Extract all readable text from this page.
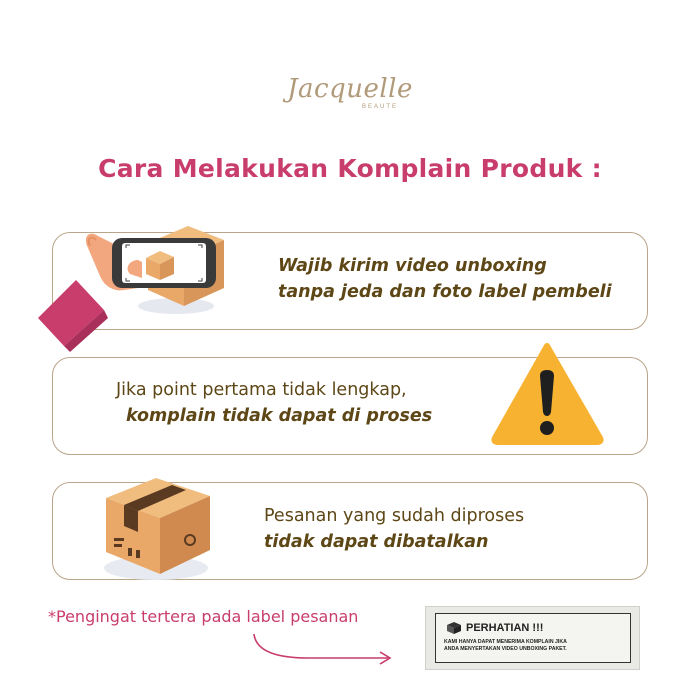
Jacquelle
BEAUTE
Cara Melakukan Komplain Produk :
Wajib kirim video unboxing
tanpa jeda dan foto label pembeli
Jika point pertama tidak lengkap,
komplain tidak dapat di proses
Pesanan yang sudah diproses
tidak dapat dibatalkan
*Pengingat tertera pada label pesanan
PERHATIAN !!!
KAMI HANYA DAPAT MENERIMA KOMPLAIN JIKA
ANDA MENYERTAKAN VIDEO UNBOXING PAKET.
